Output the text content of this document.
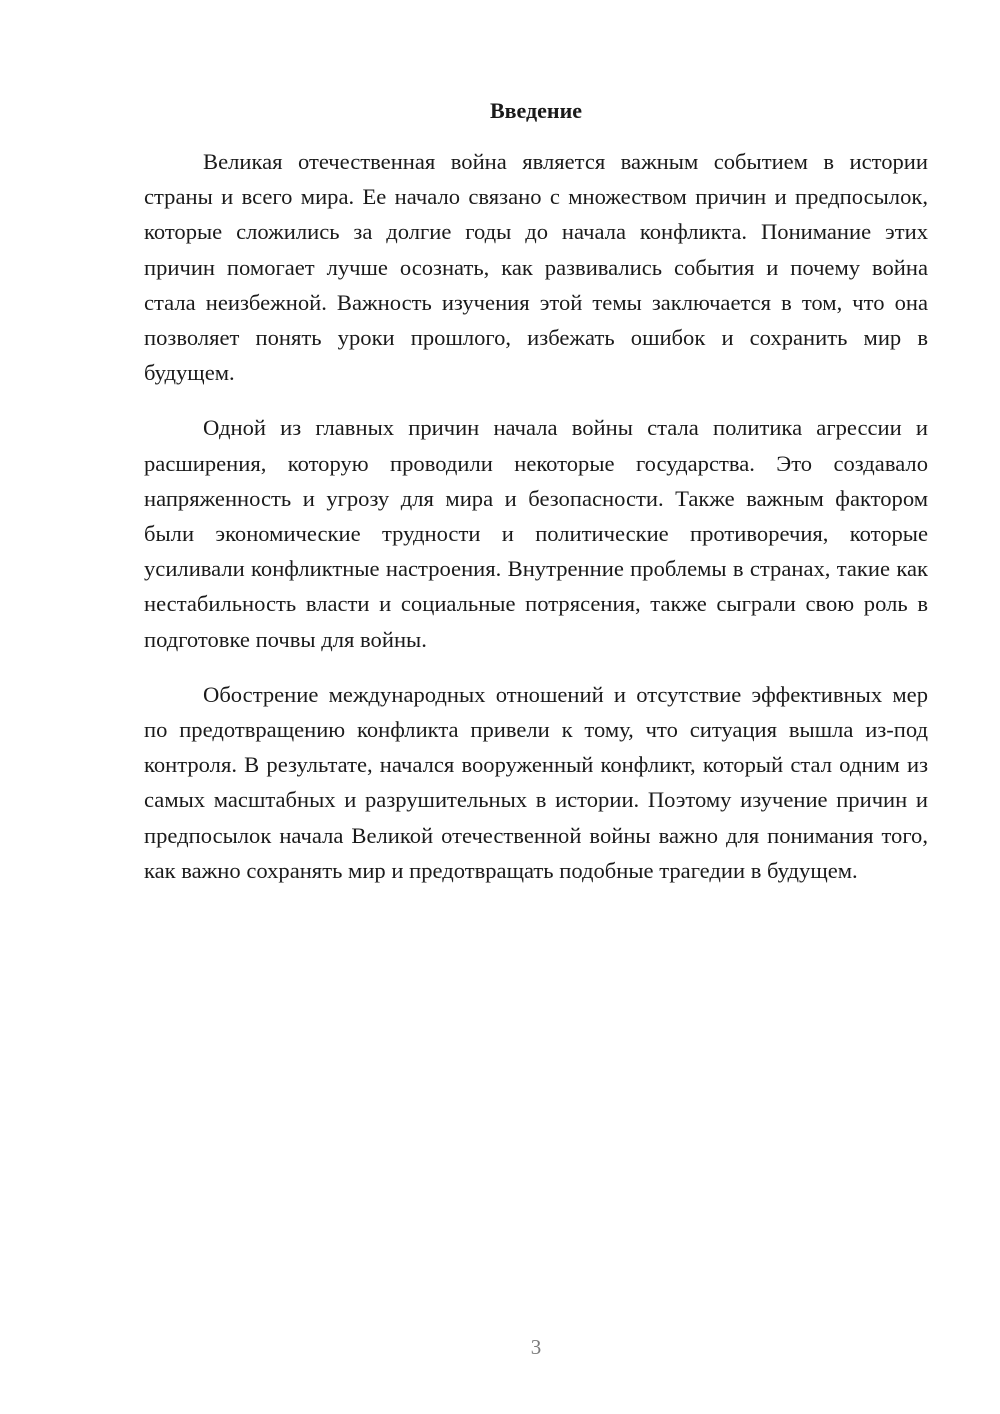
Введение

Великая отечественная война является важным событием в истории страны и всего мира. Ее начало связано с множеством причин и предпосылок, которые сложились за долгие годы до начала конфликта. Понимание этих причин помогает лучше осознать, как развивались события и почему война стала неизбежной. Важность изучения этой темы заключается в том, что она позволяет понять уроки прошлого, избежать ошибок и сохранить мир в будущем.

Одной из главных причин начала войны стала политика агрессии и расширения, которую проводили некоторые государства. Это создавало напряженность и угрозу для мира и безопасности. Также важным фактором были экономические трудности и политические противоречия, которые усиливали конфликтные настроения. Внутренние проблемы в странах, такие как нестабильность власти и социальные потрясения, также сыграли свою роль в подготовке почвы для войны.

Обострение международных отношений и отсутствие эффективных мер по предотвращению конфликта привели к тому, что ситуация вышла из-под контроля. В результате, начался вооруженный конфликт, который стал одним из самых масштабных и разрушительных в истории. Поэтому изучение причин и предпосылок начала Великой отечественной войны важно для понимания того, как важно сохранять мир и предотвращать подобные трагедии в будущем.

3
